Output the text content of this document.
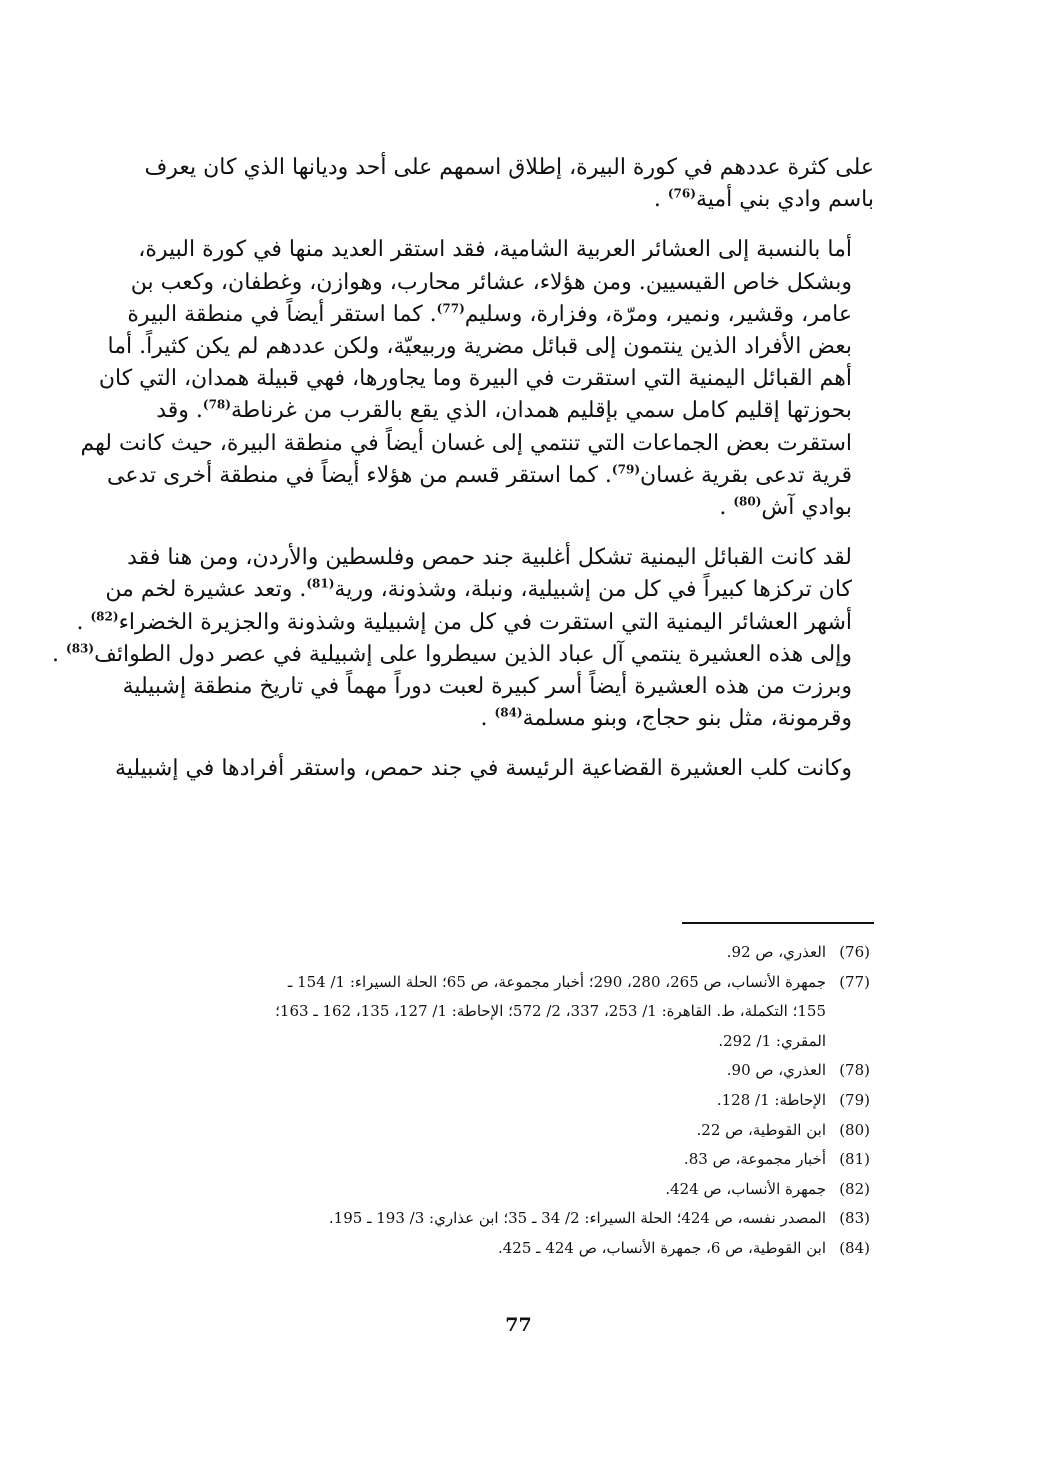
على كثرة عددهم في كورة البيرة، إطلاق اسمهم على أحد وديانها الذي كان يعرف
باسم وادي بني أمية$^{(76)}$ .
أما بالنسبة إلى العشائر العربية الشامية، فقد استقر العديد منها في كورة البيرة،
وبشكل خاص القيسيين. ومن هؤلاء، عشائر محارب، وهوازن، وغطفان، وكعب بن
عامر، وقشير، ونمير، ومرّة، وفزارة، وسليم$^{(77)}$. كما استقر أيضاً في منطقة البيرة
بعض الأفراد الذين ينتمون إلى قبائل مضرية وربيعيّة، ولكن عددهم لم يكن كثيراً. أما
أهم القبائل اليمنية التي استقرت في البيرة وما يجاورها، فهي قبيلة همدان، التي كان
بحوزتها إقليم كامل سمي بإقليم همدان، الذي يقع بالقرب من غرناطة$^{(78)}$. وقد
استقرت بعض الجماعات التي تنتمي إلى غسان أيضاً في منطقة البيرة، حيث كانت لهم
قرية تدعى بقرية غسان$^{(79)}$. كما استقر قسم من هؤلاء أيضاً في منطقة أخرى تدعى
بوادي آش$^{(80)}$ .
لقد كانت القبائل اليمنية تشكل أغلبية جند حمص وفلسطين والأردن، ومن هنا فقد
كان تركزها كبيراً في كل من إشبيلية، ونبلة، وشذونة، ورية$^{(81)}$. وتعد عشيرة لخم من
أشهر العشائر اليمنية التي استقرت في كل من إشبيلية وشذونة والجزيرة الخضراء$^{(82)}$ .
وإلى هذه العشيرة ينتمي آل عباد الذين سيطروا على إشبيلية في عصر دول الطوائف$^{(83)}$ .
وبرزت من هذه العشيرة أيضاً أسر كبيرة لعبت دوراً مهماً في تاريخ منطقة إشبيلية
وقرمونة، مثل بنو حجاج، وبنو مسلمة$^{(84)}$ .
وكانت كلب العشيرة القضاعية الرئيسة في جند حمص، واستقر أفرادها في إشبيلية
(76)
العذري، ص 92.
(77)
جمهرة الأنساب، ص 265، 280، 290؛ أخبار مجموعة، ص 65؛ الحلة السيراء: 1/ 154 ـ
155؛ التكملة، ط. القاهرة: 1/ 253، 337، 2/ 572؛ الإحاطة: 1/ 127، 135، 162 ـ 163؛
المقري: 1/ 292.
(78)
العذري، ص 90.
(79)
الإحاطة: 1/ 128.
(80)
ابن القوطية، ص 22.
(81)
أخبار مجموعة، ص 83.
(82)
جمهرة الأنساب، ص 424.
(83)
المصدر نفسه، ص 424؛ الحلة السيراء: 2/ 34 ـ 35؛ ابن عذاري: 3/ 193 ـ 195.
(84)
ابن القوطية، ص 6، جمهرة الأنساب، ص 424 ـ 425.
77
